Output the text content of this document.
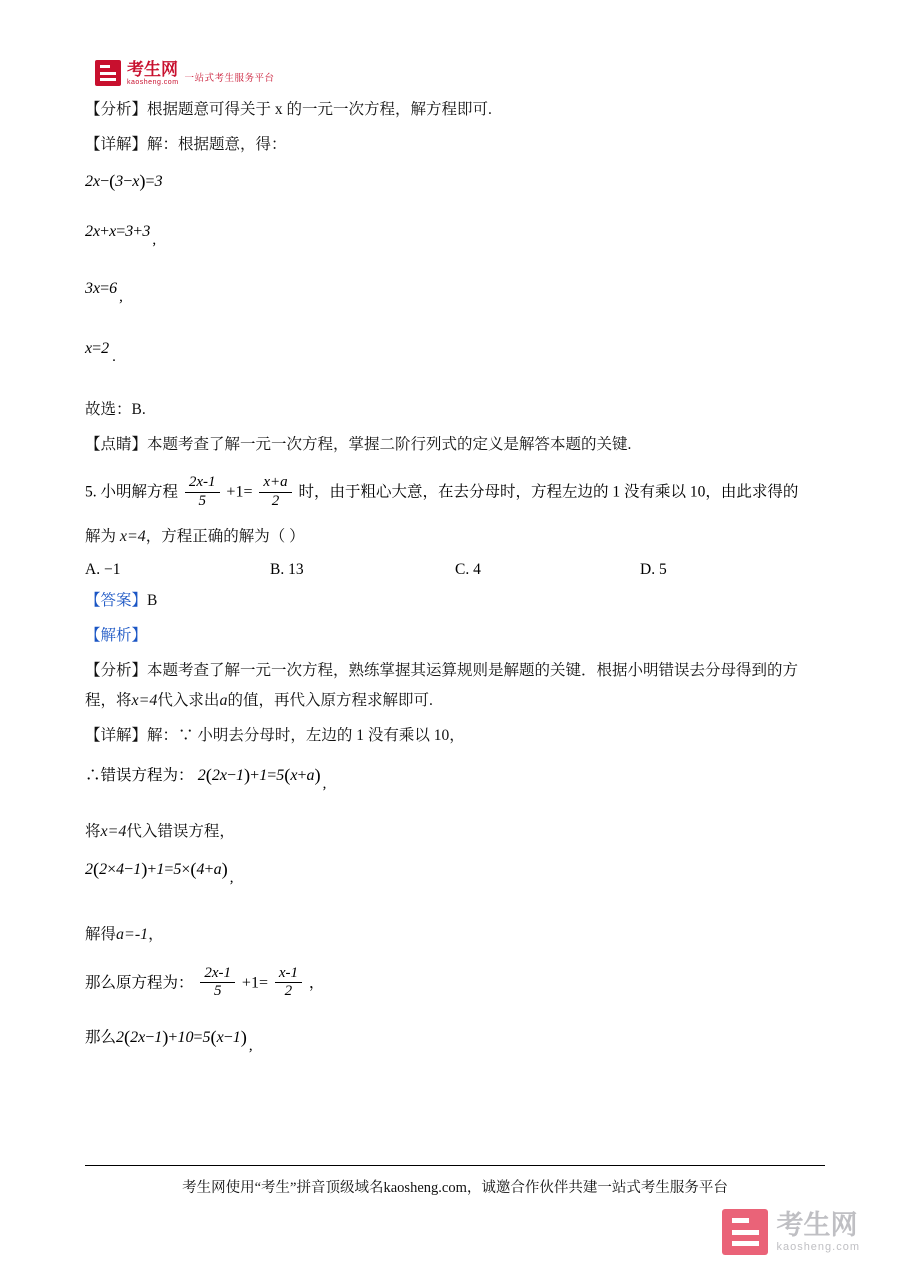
考生网
kaosheng.com 一站式考生服务平台

【分析】根据题意可得关于 x 的一元一次方程，解方程即可.

【详解】解：根据题意，得：

2x−(3−x)=3

2x+x=3+3 ,

3x=6 ,

x=2 .

故选：B.

【点睛】本题考查了解一元一次方程，掌握二阶行列式的定义是解答本题的关键.

5. 小明解方程 $\frac{2x-1}{5} +1= \frac{x+a}{2}$ 时，由于粗心大意，在去分母时，方程左边的 1 没有乘以 10，由此求得的

解为 x=4，方程正确的解为（ ）

A. −1	B. 13	C. 4	D. 5

【答案】B

【解析】

【分析】本题考查了解一元一次方程，熟练掌握其运算规则是解题的关键．根据小明错误去分母得到的方

程，将x=4代入求出a的值，再代入原方程求解即可.

【详解】解：∵ 小明去分母时，左边的 1 没有乘以 10，

∴错误方程为： 2(2x−1)+1=5(x+a) ,

将x=4代入错误方程，

2(2×4−1)+1=5×(4+a) ,

解得a=-1，

那么原方程为： $\frac{2x-1}{5} +1= \frac{x-1}{2}$ ，

那么2(2x−1)+10=5(x−1) ,

考生网使用“考生”拼音顶级域名kaosheng.com，诚邀合作伙伴共建一站式考生服务平台
考生网
kaosheng.com
